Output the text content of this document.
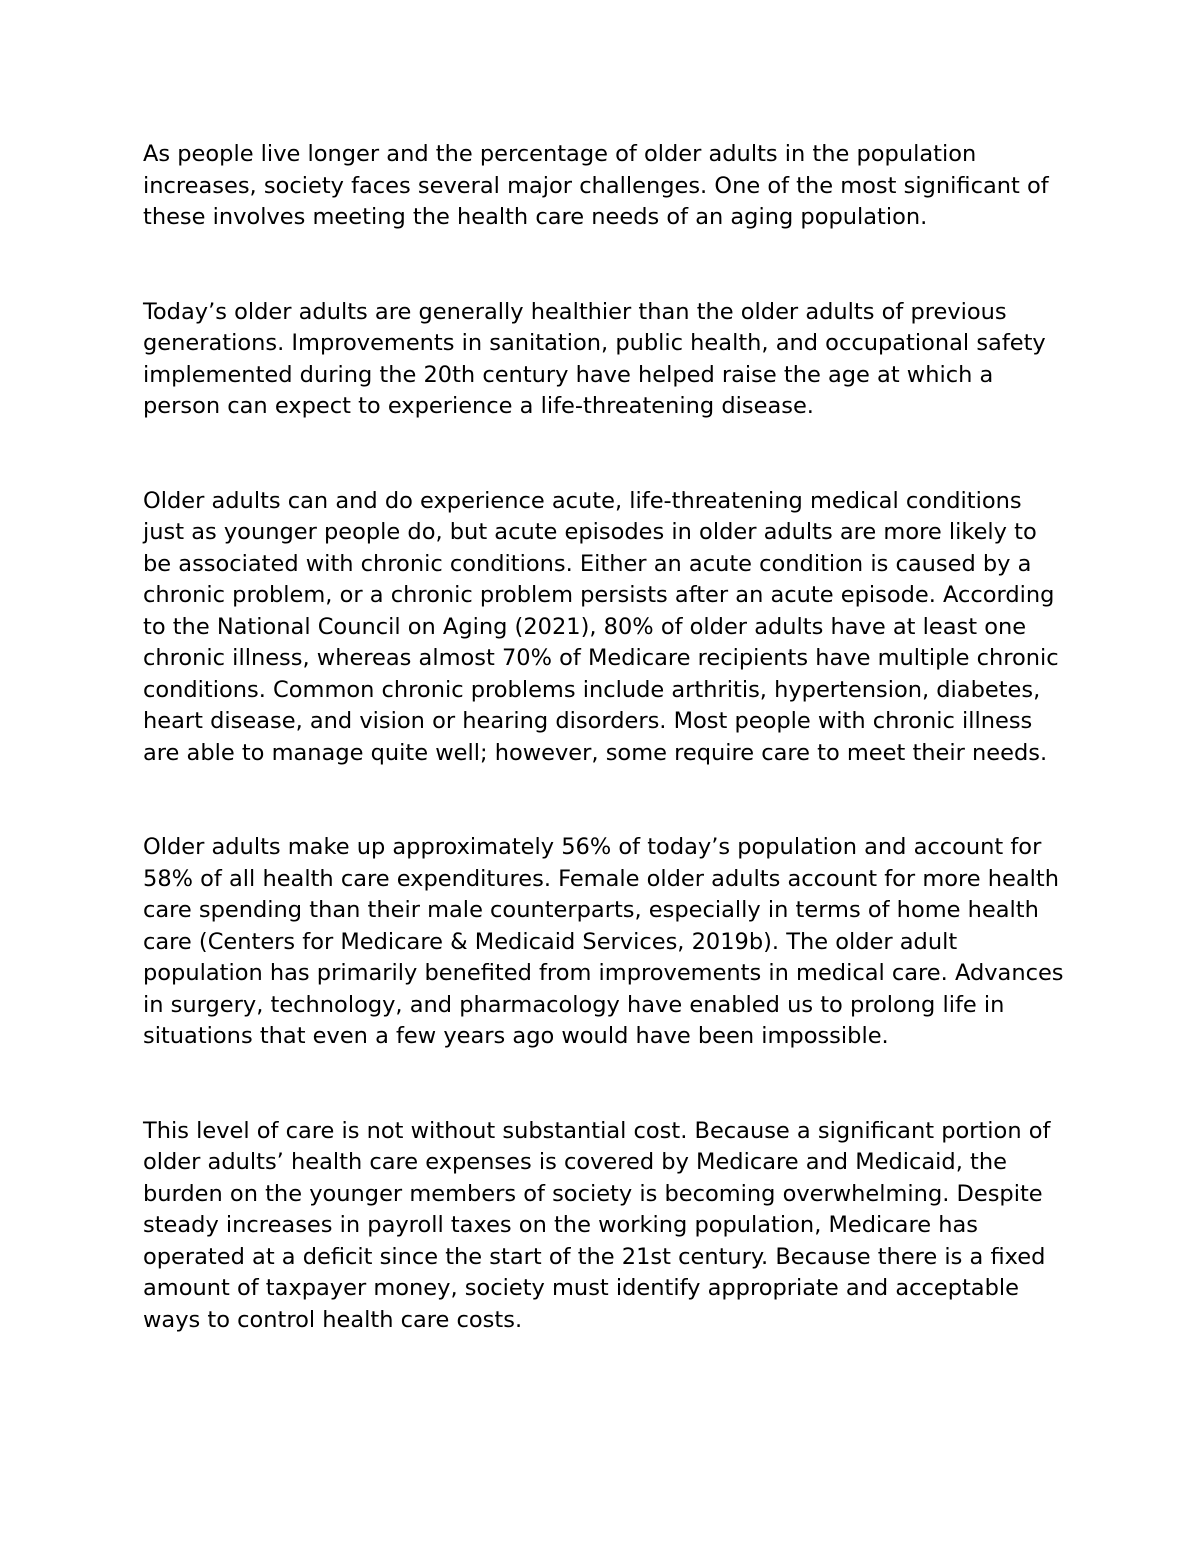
As people live longer and the percentage of older adults in the population increases, society faces several major challenges. One of the most significant of these involves meeting the health care needs of an aging population.

Today’s older adults are generally healthier than the older adults of previous generations. Improvements in sanitation, public health, and occupational safety implemented during the 20th century have helped raise the age at which a person can expect to experience a life-threatening disease.

Older adults can and do experience acute, life-threatening medical conditions just as younger people do, but acute episodes in older adults are more likely to be associated with chronic conditions. Either an acute condition is caused by a chronic problem, or a chronic problem persists after an acute episode. According to the National Council on Aging (2021), 80% of older adults have at least one chronic illness, whereas almost 70% of Medicare recipients have multiple chronic conditions. Common chronic problems include arthritis, hypertension, diabetes, heart disease, and vision or hearing disorders. Most people with chronic illness are able to manage quite well; however, some require care to meet their needs.

Older adults make up approximately 56% of today’s population and account for 58% of all health care expenditures. Female older adults account for more health care spending than their male counterparts, especially in terms of home health care (Centers for Medicare & Medicaid Services, 2019b). The older adult population has primarily benefited from improvements in medical care. Advances in surgery, technology, and pharmacology have enabled us to prolong life in situations that even a few years ago would have been impossible.

This level of care is not without substantial cost. Because a significant portion of older adults’ health care expenses is covered by Medicare and Medicaid, the burden on the younger members of society is becoming overwhelming. Despite steady increases in payroll taxes on the working population, Medicare has operated at a deficit since the start of the 21st century. Because there is a fixed amount of taxpayer money, society must identify appropriate and acceptable ways to control health care costs.
